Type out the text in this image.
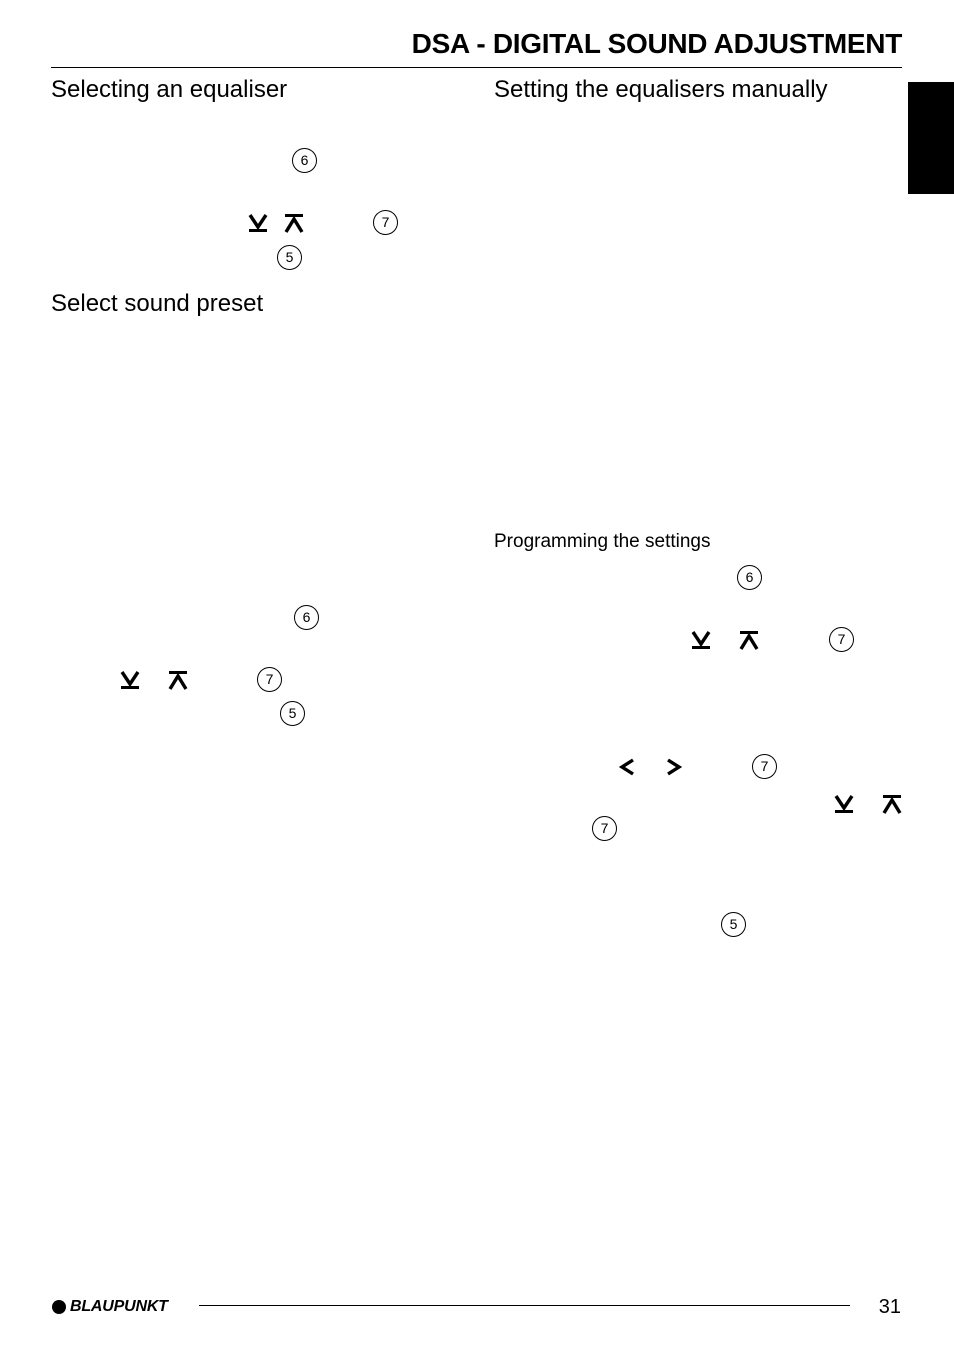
DSA - DIGITAL SOUND ADJUSTMENT
Selecting an equaliser
Select sound preset
Setting the equalisers manually
Programming the settings
6
7
5
6
7
5
6
7
7
7
5
BLAUPUNKT	31
